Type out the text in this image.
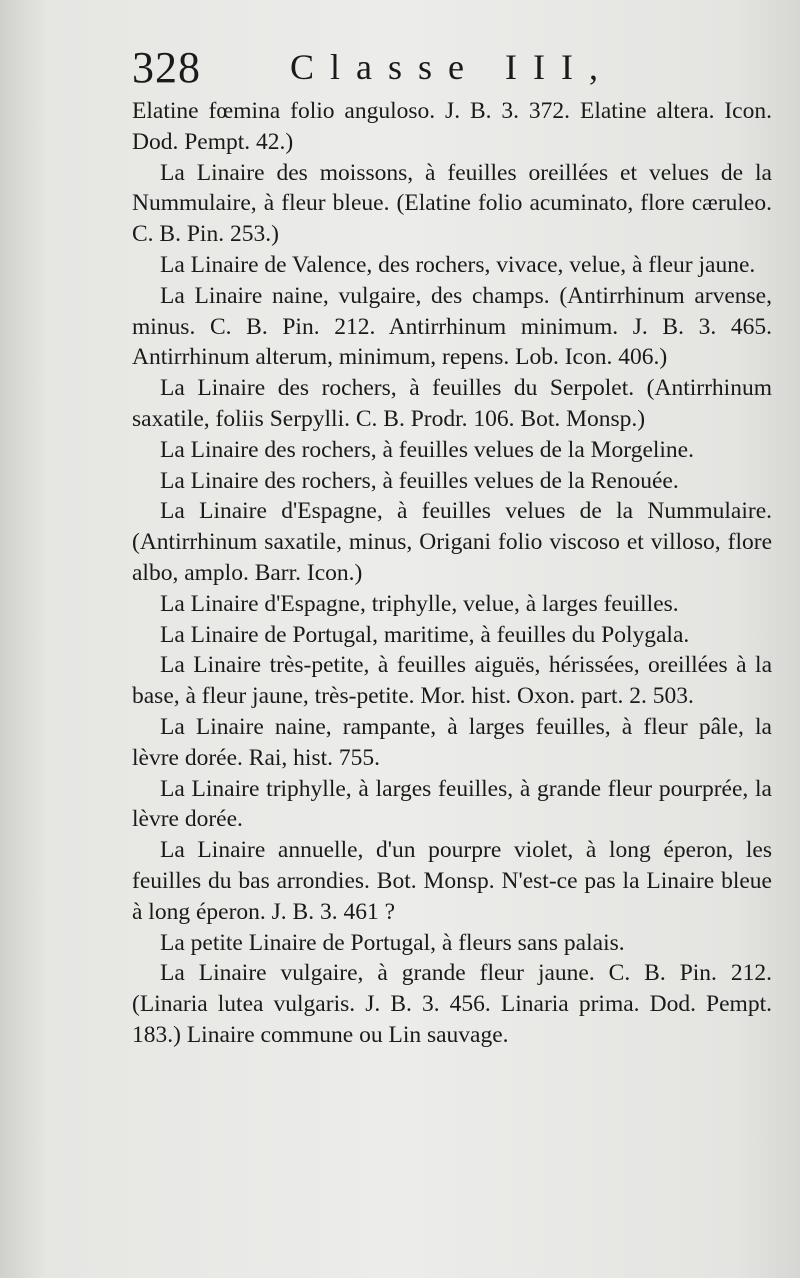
328 Classe III,

Elatine fœmina folio anguloso. J. B. 3. 372. Elatine altera. Icon. Dod. Pempt. 42.)

La Linaire des moissons, à feuilles oreillées et velues de la Nummulaire, à fleur bleue. (Elatine folio acuminato, flore cæruleo. C. B. Pin. 253.)

La Linaire de Valence, des rochers, vivace, velue, à fleur jaune.

La Linaire naine, vulgaire, des champs. (Antirrhinum arvense, minus. C. B. Pin. 212. Antirrhinum minimum. J. B. 3. 465. Antirrhinum alterum, minimum, repens. Lob. Icon. 406.)

La Linaire des rochers, à feuilles du Serpolet. (Antirrhinum saxatile, foliis Serpylli. C. B. Prodr. 106. Bot. Monsp.)

La Linaire des rochers, à feuilles velues de la Morgeline.

La Linaire des rochers, à feuilles velues de la Renouée.

La Linaire d'Espagne, à feuilles velues de la Nummulaire. (Antirrhinum saxatile, minus, Origani folio viscoso et villoso, flore albo, amplo. Barr. Icon.)

La Linaire d'Espagne, triphylle, velue, à larges feuilles.

La Linaire de Portugal, maritime, à feuilles du Polygala.

La Linaire très-petite, à feuilles aiguës, hérissées, oreillées à la base, à fleur jaune, très-petite. Mor. hist. Oxon. part. 2. 503.

La Linaire naine, rampante, à larges feuilles, à fleur pâle, la lèvre dorée. Rai, hist. 755.

La Linaire triphylle, à larges feuilles, à grande fleur pourprée, la lèvre dorée.

La Linaire annuelle, d'un pourpre violet, à long éperon, les feuilles du bas arrondies. Bot. Monsp. N'est-ce pas la Linaire bleue à long éperon. J. B. 3. 461 ?

La petite Linaire de Portugal, à fleurs sans palais.

La Linaire vulgaire, à grande fleur jaune. C. B. Pin. 212. (Linaria lutea vulgaris. J. B. 3. 456. Linaria prima. Dod. Pempt. 183.) Linaire commune ou Lin sauvage.
